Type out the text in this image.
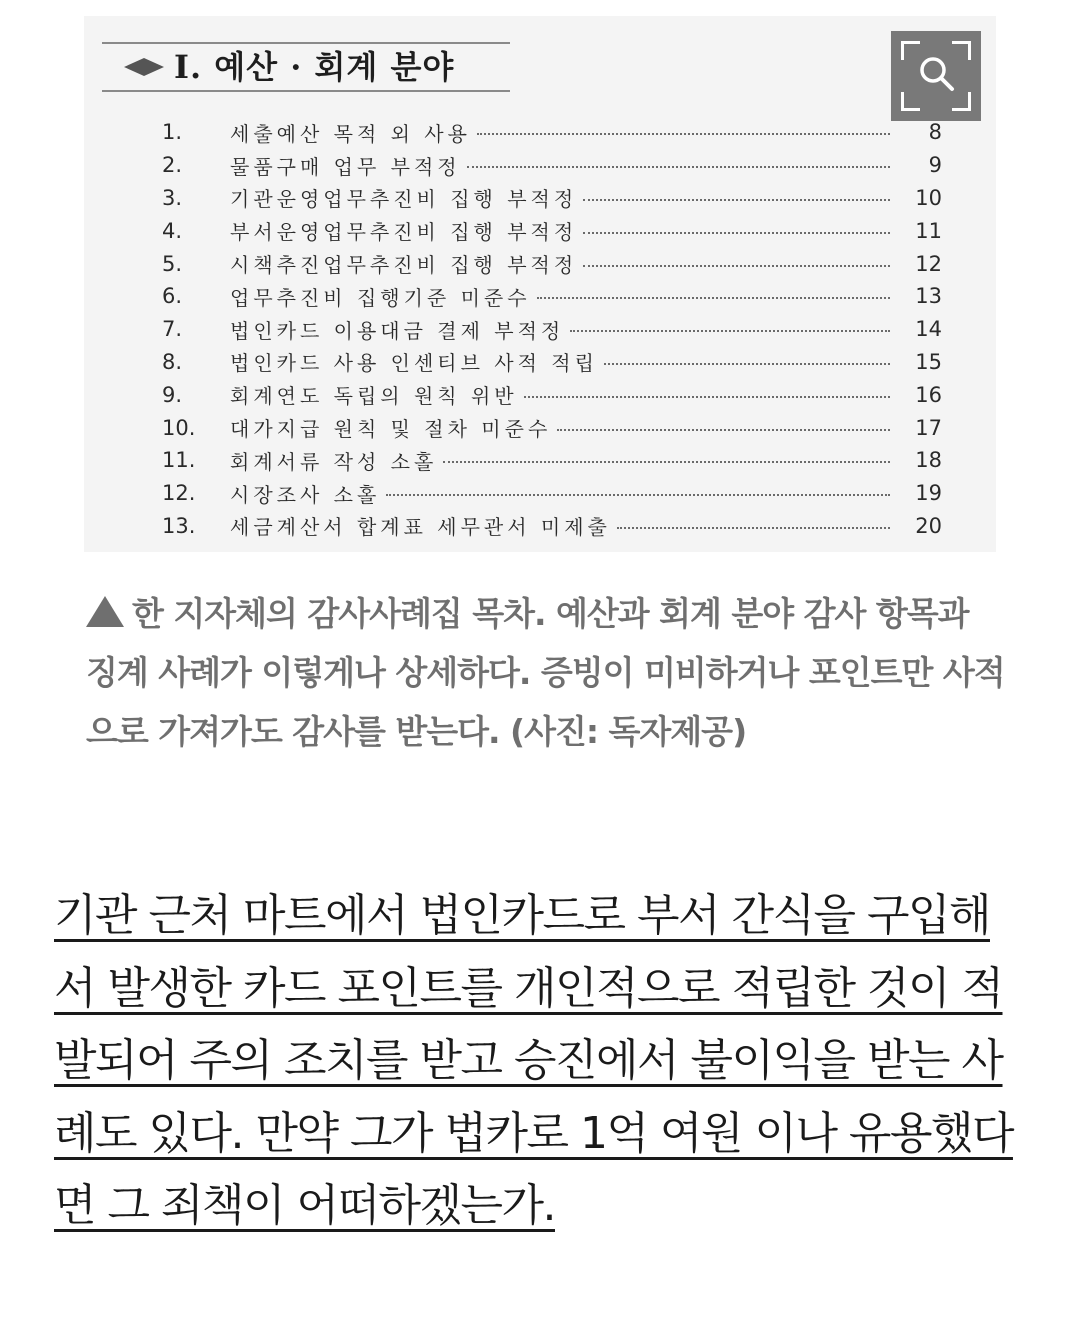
Ⅰ. 예산 · 회계 분야
1.	세출예산 목적 외 사용	8
2.	물품구매 업무 부적정	9
3.	기관운영업무추진비 집행 부적정	10
4.	부서운영업무추진비 집행 부적정	11
5.	시책추진업무추진비 집행 부적정	12
6.	업무추진비 집행기준 미준수	13
7.	법인카드 이용대금 결제 부적정	14
8.	법인카드 사용 인센티브 사적 적립	15
9.	회계연도 독립의 원칙 위반	16
10.	대가지급 원칙 및 절차 미준수	17
11.	회계서류 작성 소홀	18
12.	시장조사 소홀	19
13.	세금계산서 합계표 세무관서 미제출	20
한 지자체의 감사사례집 목차. 예산과 회계 분야 감사 항목과 징계 사례가 이렇게나 상세하다. 증빙이 미비하거나 포인트만 사적으로 가져가도 감사를 받는다. (사진: 독자제공)

기관 근처 마트에서 법인카드로 부서 간식을 구입해서 발생한 카드 포인트를 개인적으로 적립한 것이 적발되어 주의 조치를 받고 승진에서 불이익을 받는 사례도 있다. 만약 그가 법카로 1억 여원 이나 유용했다면 그 죄책이 어떠하겠는가.
